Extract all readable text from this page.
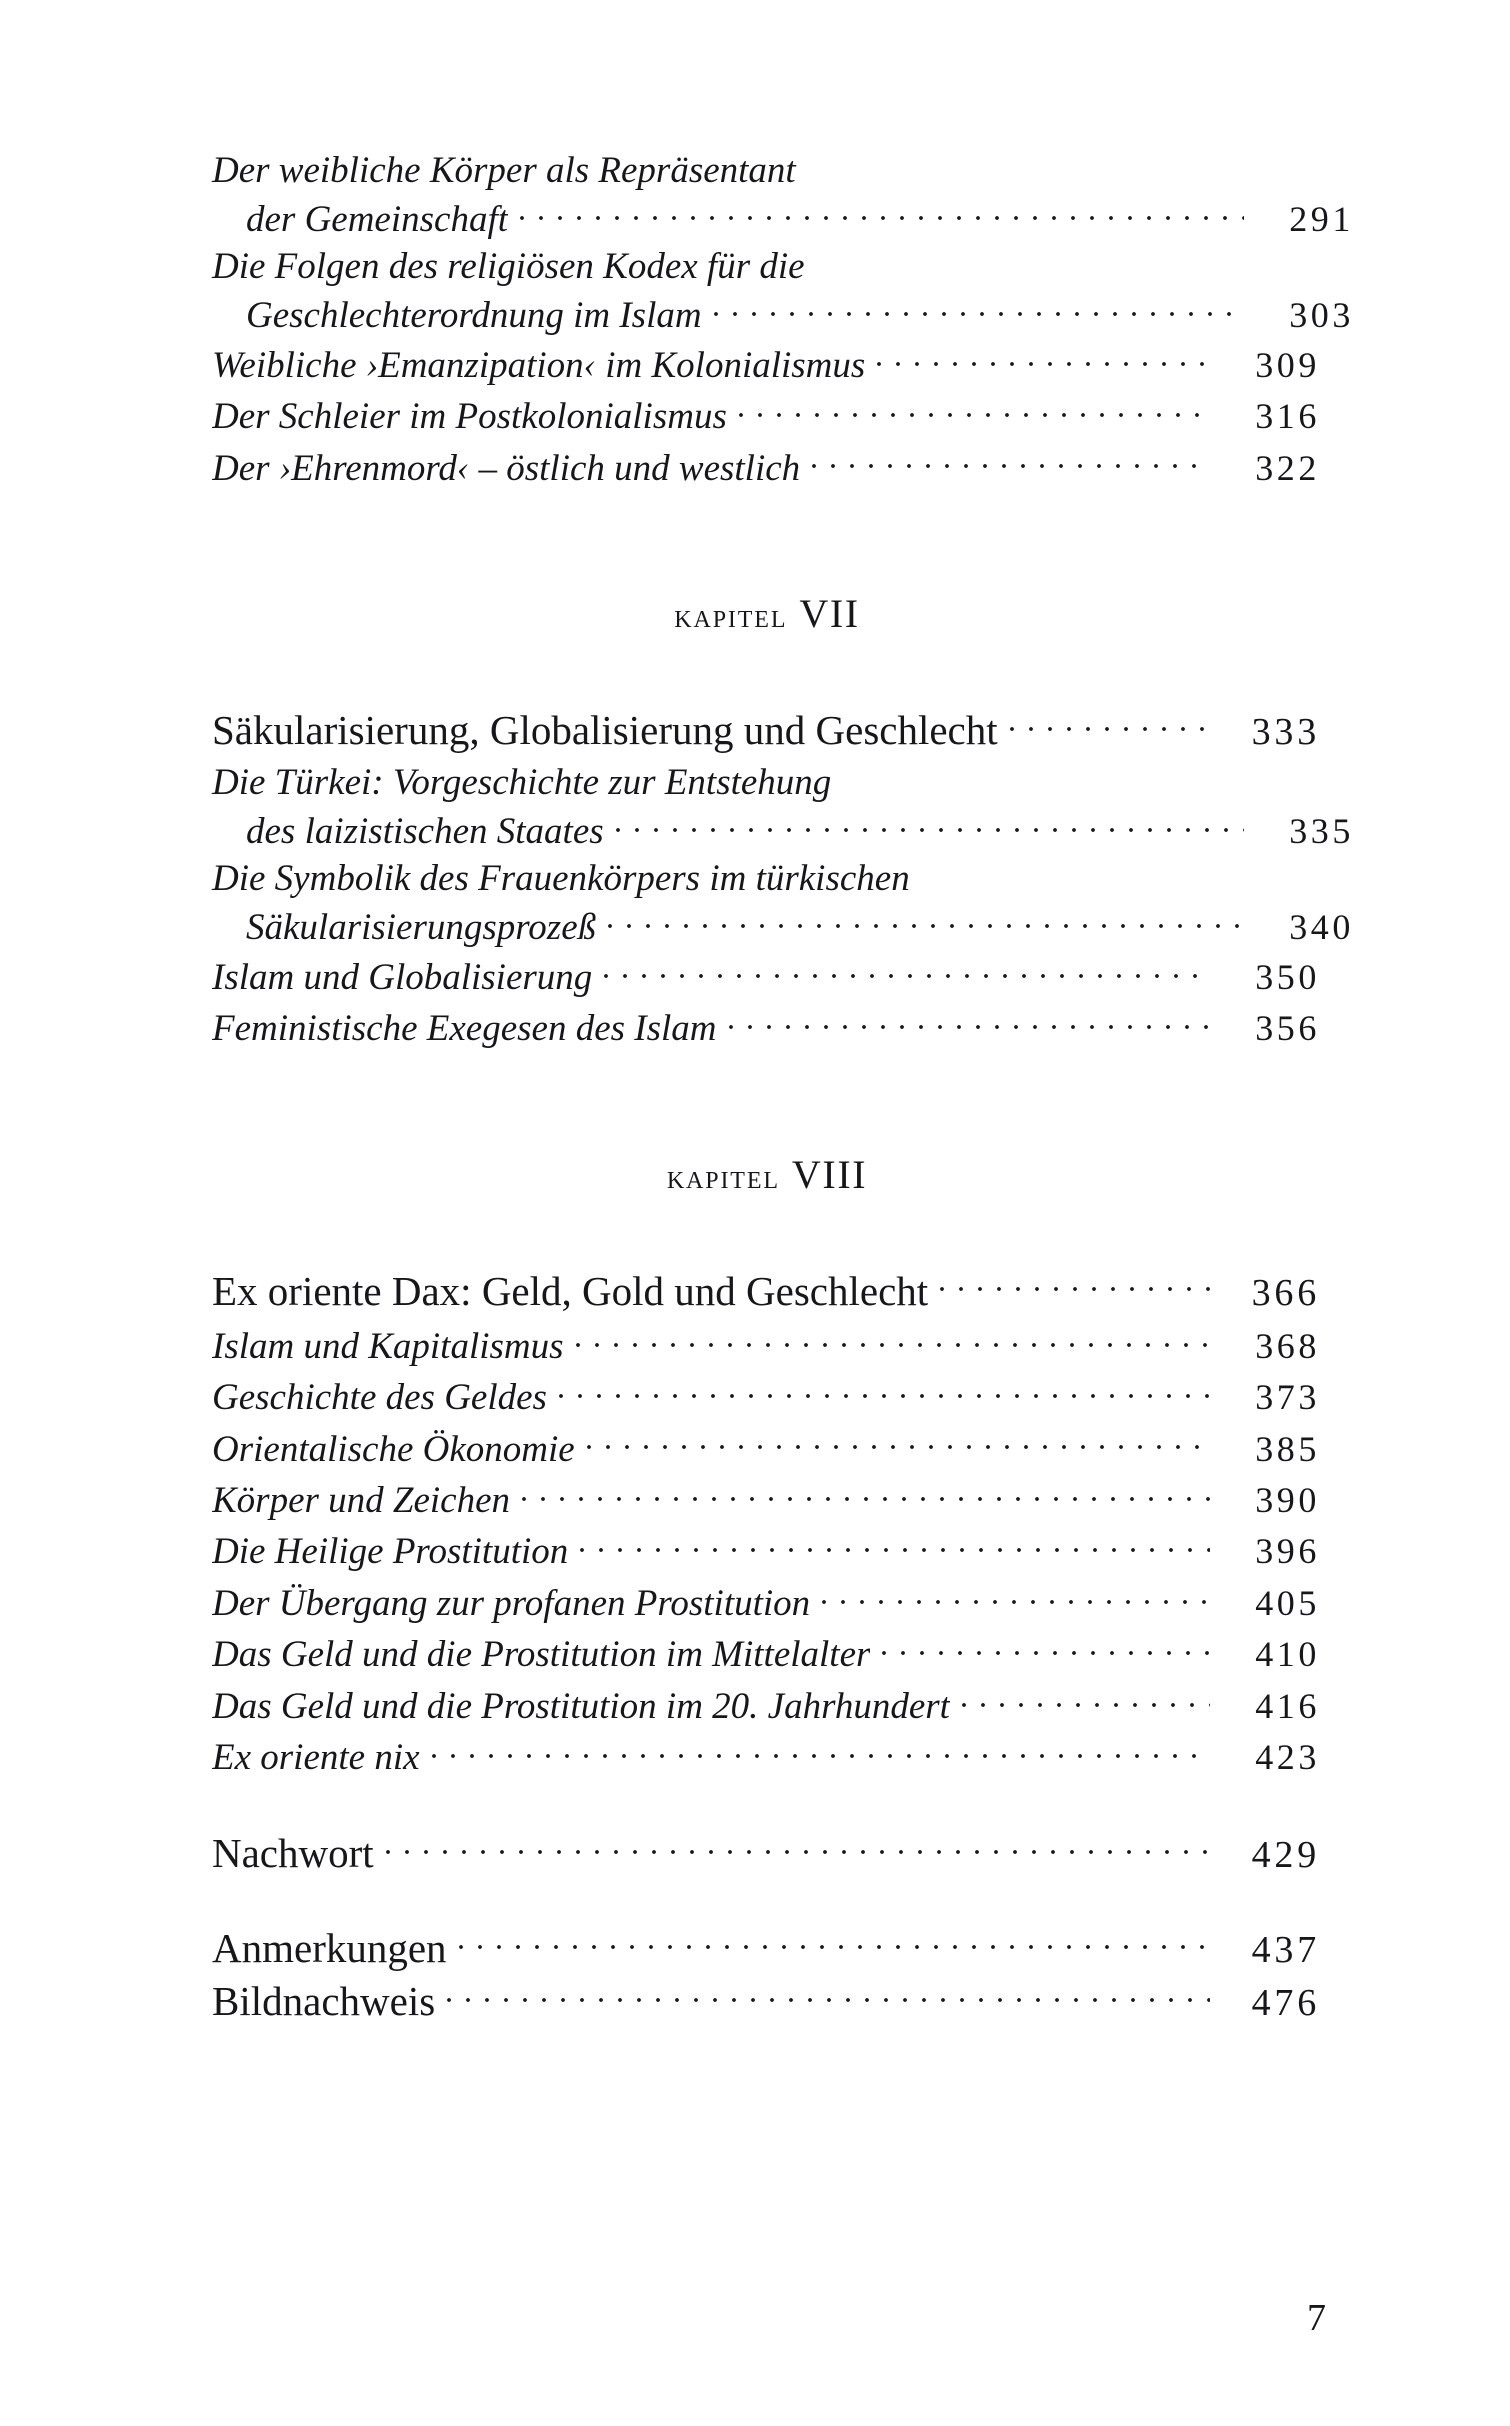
Der weibliche Körper als Repräsentant
der Gemeinschaft	291
Die Folgen des religiösen Kodex für die
Geschlechterordnung im Islam	303
Weibliche ›Emanzipation‹ im Kolonialismus	309
Der Schleier im Postkolonialismus	316
Der ›Ehrenmord‹ – östlich und westlich	322
kapitel VII
Säkularisierung, Globalisierung und Geschlecht	333
Die Türkei: Vorgeschichte zur Entstehung
des laizistischen Staates	335
Die Symbolik des Frauenkörpers im türkischen
Säkularisierungsprozeß	340
Islam und Globalisierung	350
Feministische Exegesen des Islam	356
kapitel VIII
Ex oriente Dax: Geld, Gold und Geschlecht	366
Islam und Kapitalismus	368
Geschichte des Geldes	373
Orientalische Ökonomie	385
Körper und Zeichen	390
Die Heilige Prostitution	396
Der Übergang zur profanen Prostitution	405
Das Geld und die Prostitution im Mittelalter	410
Das Geld und die Prostitution im 20. Jahrhundert	416
Ex oriente nix	423
Nachwort	429
Anmerkungen	437
Bildnachweis	476
7
